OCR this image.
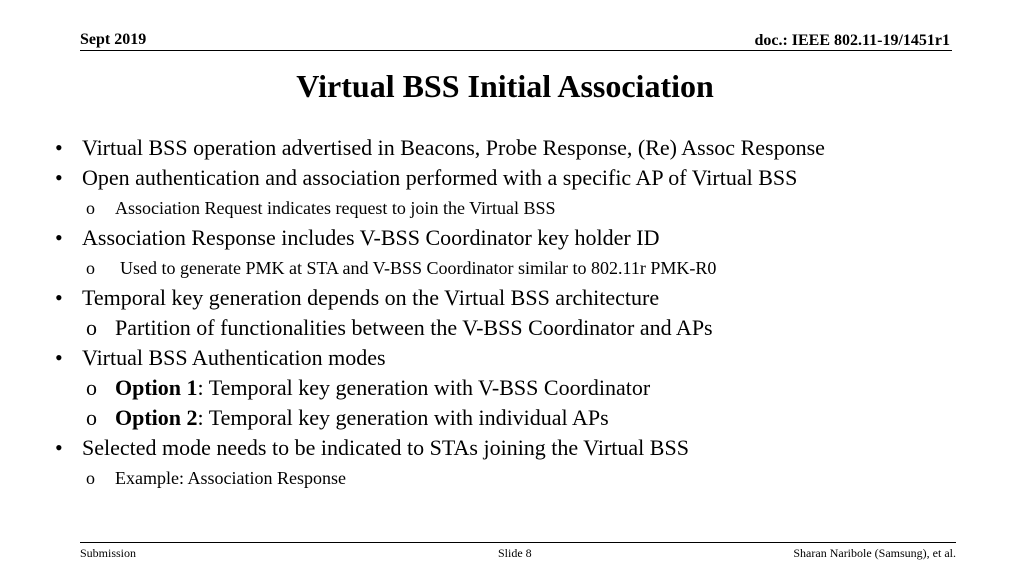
Sept 2019	doc.: IEEE 802.11-19/1451r1
Virtual BSS Initial Association
• Virtual BSS operation advertised in Beacons, Probe Response, (Re) Assoc Response
• Open authentication and association performed with a specific AP of Virtual BSS
o Association Request indicates request to join the Virtual BSS
• Association Response includes V-BSS Coordinator key holder ID
o Used to generate PMK at STA and V-BSS Coordinator similar to 802.11r PMK-R0
• Temporal key generation depends on the Virtual BSS architecture
o Partition of functionalities between the V-BSS Coordinator and APs
• Virtual BSS Authentication modes
o Option 1: Temporal key generation with V-BSS Coordinator
o Option 2: Temporal key generation with individual APs
• Selected mode needs to be indicated to STAs joining the Virtual BSS
o Example: Association Response
Submission	Slide 8	Sharan Naribole (Samsung), et al.
